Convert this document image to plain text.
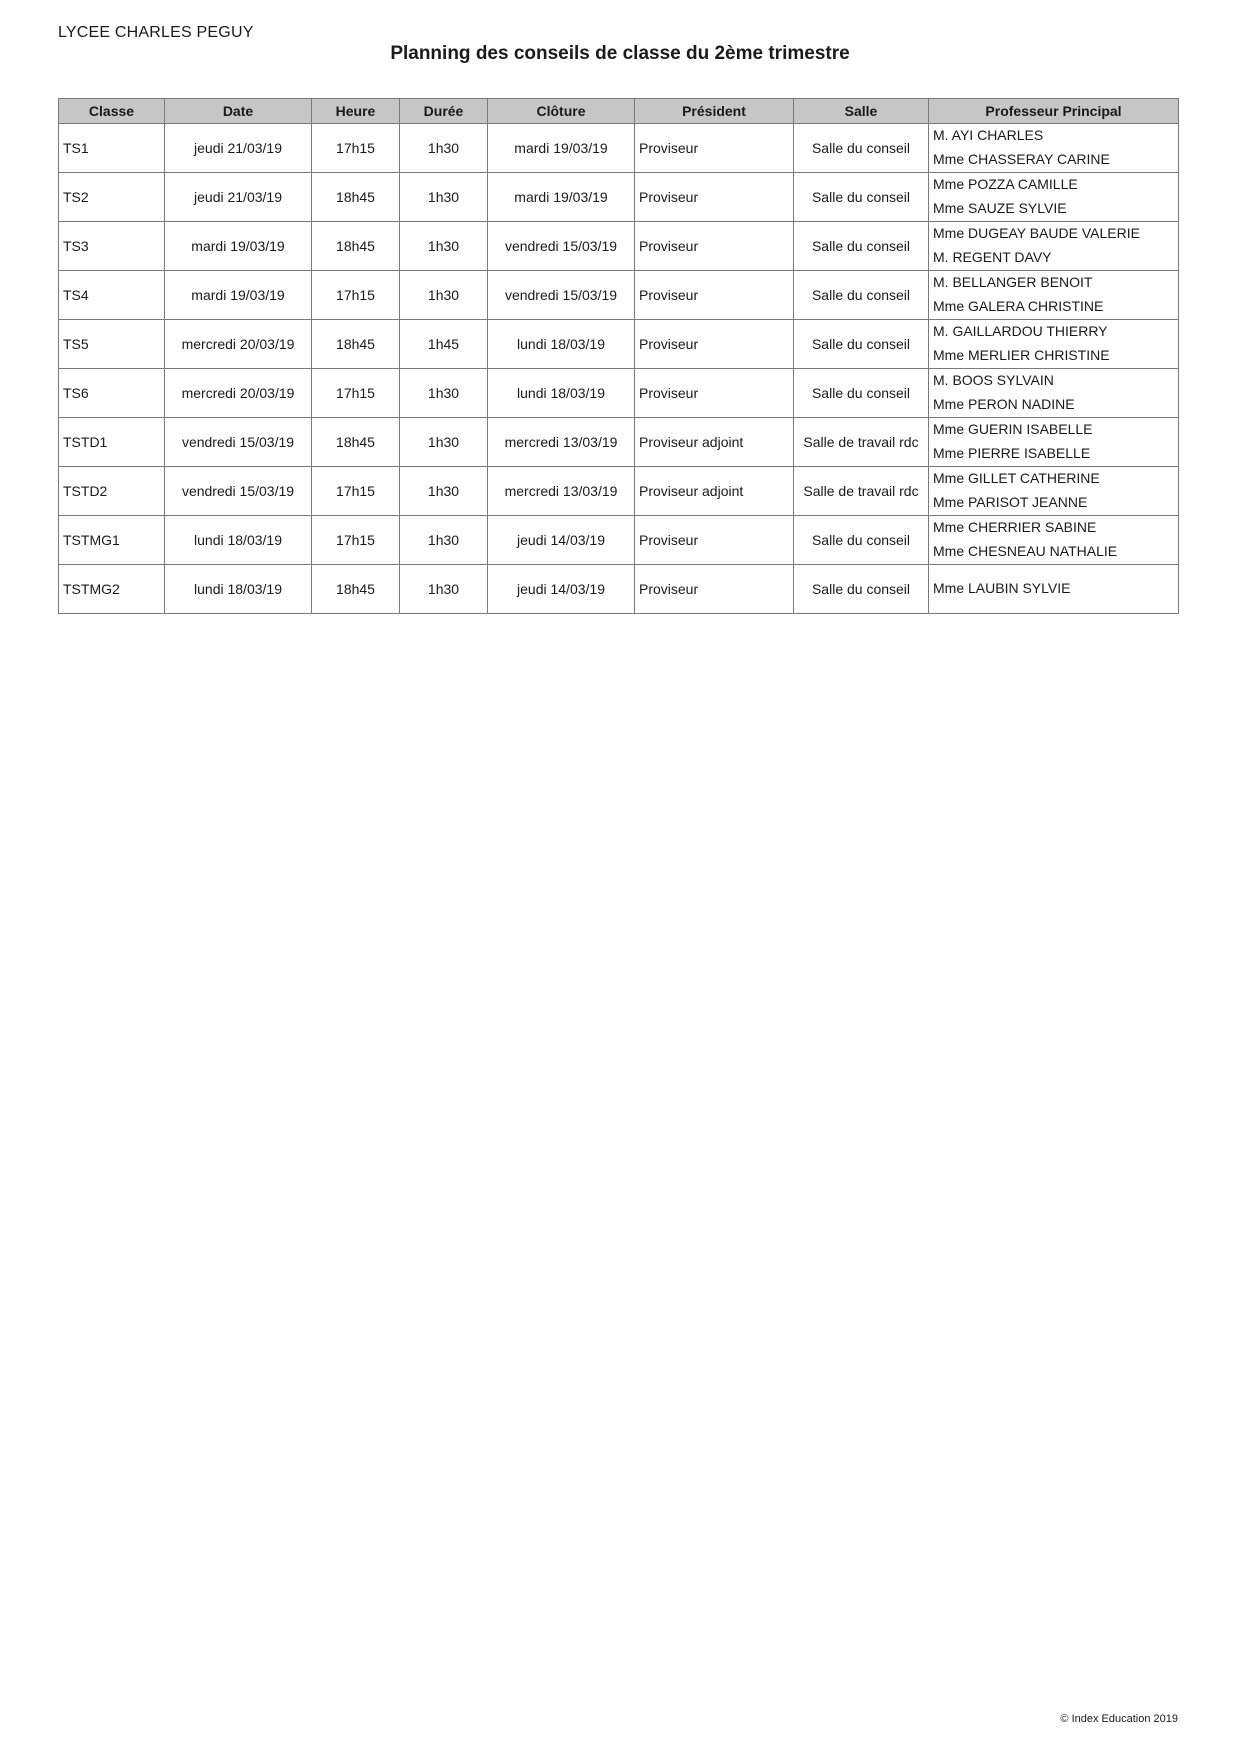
LYCEE CHARLES PEGUY
Planning des conseils de classe du 2ème trimestre
Classe	Date	Heure	Durée	Clôture	Président	Salle	Professeur Principal
TS1	jeudi 21/03/19	17h15	1h30	mardi 19/03/19	Proviseur	Salle du conseil	M. AYI CHARLES
Mme CHASSERAY CARINE

TS2	jeudi 21/03/19	18h45	1h30	mardi 19/03/19	Proviseur	Salle du conseil	Mme POZZA CAMILLE
Mme SAUZE SYLVIE

TS3	mardi 19/03/19	18h45	1h30	vendredi 15/03/19	Proviseur	Salle du conseil	Mme DUGEAY BAUDE VALERIE
M. REGENT DAVY

TS4	mardi 19/03/19	17h15	1h30	vendredi 15/03/19	Proviseur	Salle du conseil	M. BELLANGER BENOIT
Mme GALERA CHRISTINE

TS5	mercredi 20/03/19	18h45	1h45	lundi 18/03/19	Proviseur	Salle du conseil	M. GAILLARDOU THIERRY
Mme MERLIER CHRISTINE

TS6	mercredi 20/03/19	17h15	1h30	lundi 18/03/19	Proviseur	Salle du conseil	M. BOOS SYLVAIN
Mme PERON NADINE

TSTD1	vendredi 15/03/19	18h45	1h30	mercredi 13/03/19	Proviseur adjoint	Salle de travail rdc	Mme GUERIN ISABELLE
Mme PIERRE ISABELLE

TSTD2	vendredi 15/03/19	17h15	1h30	mercredi 13/03/19	Proviseur adjoint	Salle de travail rdc	Mme GILLET CATHERINE
Mme PARISOT JEANNE

TSTMG1	lundi 18/03/19	17h15	1h30	jeudi 14/03/19	Proviseur	Salle du conseil	Mme CHERRIER SABINE
Mme CHESNEAU NATHALIE

TSTMG2	lundi 18/03/19	18h45	1h30	jeudi 14/03/19	Proviseur	Salle du conseil	Mme LAUBIN SYLVIE
© Index Education 2019
